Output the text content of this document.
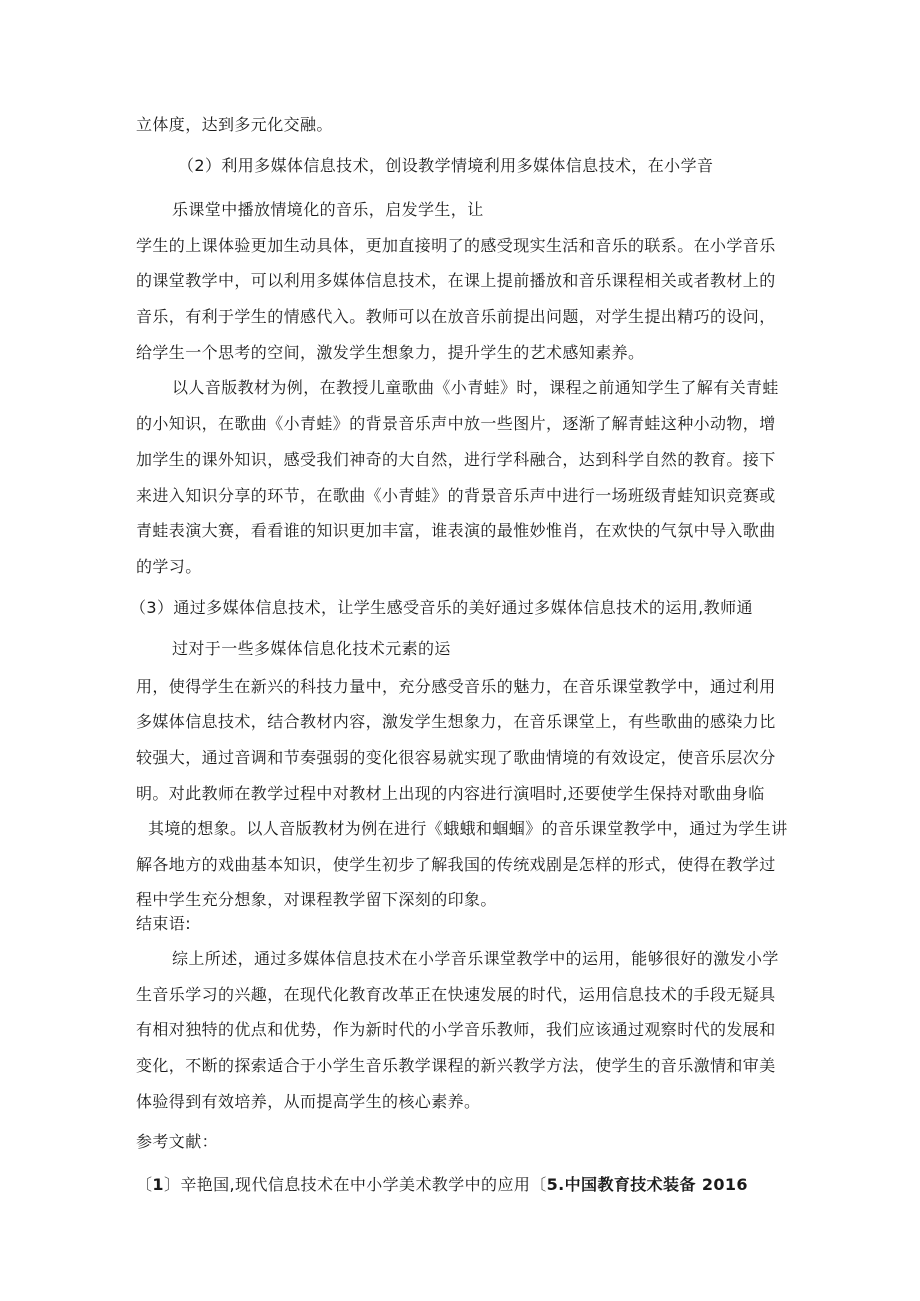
立体度，达到多元化交融。
（2）利用多媒体信息技术，创设教学情境利用多媒体信息技术，在小学音
乐课堂中播放情境化的音乐，启发学生，让
学生的上课体验更加生动具体，更加直接明了的感受现实生活和音乐的联系。在小学音乐
的课堂教学中，可以利用多媒体信息技术，在课上提前播放和音乐课程相关或者教材上的
音乐，有利于学生的情感代入。教师可以在放音乐前提出问题，对学生提出精巧的设问，
给学生一个思考的空间，激发学生想象力，提升学生的艺术感知素养。
以人音版教材为例，在教授儿童歌曲《小青蛙》时，课程之前通知学生了解有关青蛙
的小知识，在歌曲《小青蛙》的背景音乐声中放一些图片，逐渐了解青蛙这种小动物，增
加学生的课外知识，感受我们神奇的大自然，进行学科融合，达到科学自然的教育。接下
来进入知识分享的环节，在歌曲《小青蛙》的背景音乐声中进行一场班级青蛙知识竞赛或
青蛙表演大赛，看看谁的知识更加丰富，谁表演的最惟妙惟肖，在欢快的气氛中导入歌曲
的学习。
（3）通过多媒体信息技术，让学生感受音乐的美好通过多媒体信息技术的运用,教师通
过对于一些多媒体信息化技术元素的运
用，使得学生在新兴的科技力量中，充分感受音乐的魅力，在音乐课堂教学中，通过利用
多媒体信息技术，结合教材内容，激发学生想象力，在音乐课堂上，有些歌曲的感染力比
较强大，通过音调和节奏强弱的变化很容易就实现了歌曲情境的有效设定，使音乐层次分
明。对此教师在教学过程中对教材上出现的内容进行演唱时,还要使学生保持对歌曲身临
其境的想象。以人音版教材为例在进行《蛾蛾和蝈蝈》的音乐课堂教学中，通过为学生讲
解各地方的戏曲基本知识，使学生初步了解我国的传统戏剧是怎样的形式，使得在教学过
程中学生充分想象，对课程教学留下深刻的印象。
结束语:
综上所述，通过多媒体信息技术在小学音乐课堂教学中的运用，能够很好的激发小学
生音乐学习的兴趣，在现代化教育改革正在快速发展的时代，运用信息技术的手段无疑具
有相对独特的优点和优势，作为新时代的小学音乐教师，我们应该通过观察时代的发展和
变化，不断的探索适合于小学生音乐教学课程的新兴教学方法，使学生的音乐激情和审美
体验得到有效培养，从而提高学生的核心素养。
参考文献：
〔1〕辛艳国,现代信息技术在中小学美术教学中的应用〔5.中国教育技术装备 2016
